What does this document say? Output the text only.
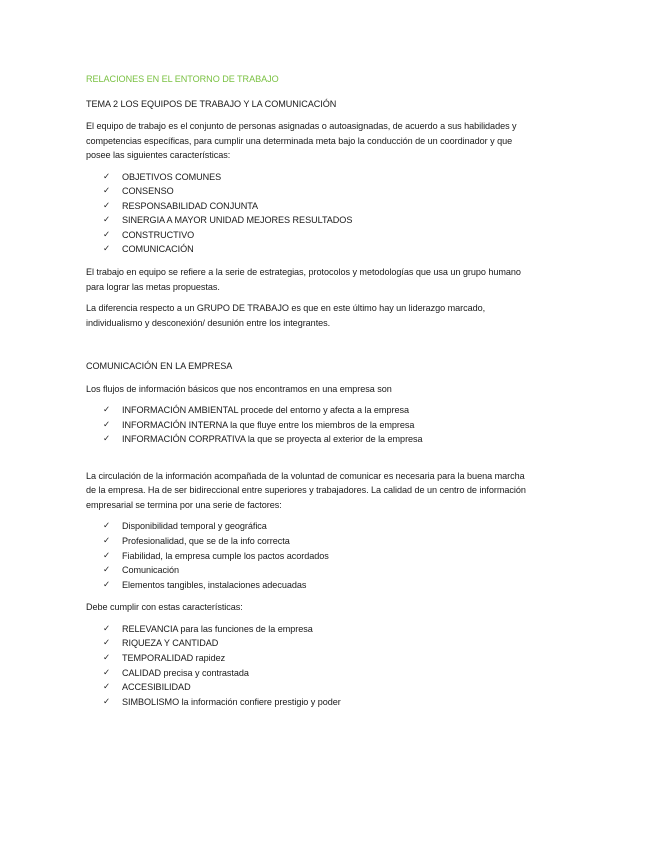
RELACIONES EN EL ENTORNO DE TRABAJO
TEMA 2 LOS EQUIPOS DE TRABAJO Y LA COMUNICACIÓN

El equipo de trabajo es el conjunto de personas asignadas o autoasignadas, de acuerdo a sus habilidades y competencias específicas, para cumplir una determinada meta bajo la conducción de un coordinador y que posee las siguientes características:

✓	OBJETIVOS COMUNES
✓	CONSENSO
✓	RESPONSABILIDAD CONJUNTA
✓	SINERGIA A MAYOR UNIDAD MEJORES RESULTADOS
✓	CONSTRUCTIVO
✓	COMUNICACIÓN

El trabajo en equipo se refiere a la serie de estrategias, protocolos y metodologías que usa un grupo humano para lograr las metas propuestas.

La diferencia respecto a un GRUPO DE TRABAJO es que en este último hay un liderazgo marcado, individualismo y desconexión/ desunión entre los integrantes.

COMUNICACIÓN EN LA EMPRESA

Los flujos de información básicos que nos encontramos en una empresa son

✓	INFORMACIÓN AMBIENTAL procede del entorno y afecta a la empresa
✓	INFORMACIÓN INTERNA la que fluye entre los miembros de la empresa
✓	INFORMACIÓN CORPRATIVA la que se proyecta al exterior de la empresa

La circulación de la información acompañada de la voluntad de comunicar es necesaria para la buena marcha de la empresa. Ha de ser bidireccional entre superiores y trabajadores. La calidad de un centro de información empresarial se termina por una serie de factores:

✓	Disponibilidad temporal y geográfica
✓	Profesionalidad, que se de la info correcta
✓	Fiabilidad, la empresa cumple los pactos acordados
✓	Comunicación
✓	Elementos tangibles, instalaciones adecuadas

Debe cumplir con estas características:

✓	RELEVANCIA para las funciones de la empresa
✓	RIQUEZA Y CANTIDAD
✓	TEMPORALIDAD rapidez
✓	CALIDAD precisa y contrastada
✓	ACCESIBILIDAD
✓	SIMBOLISMO la información confiere prestigio y poder
